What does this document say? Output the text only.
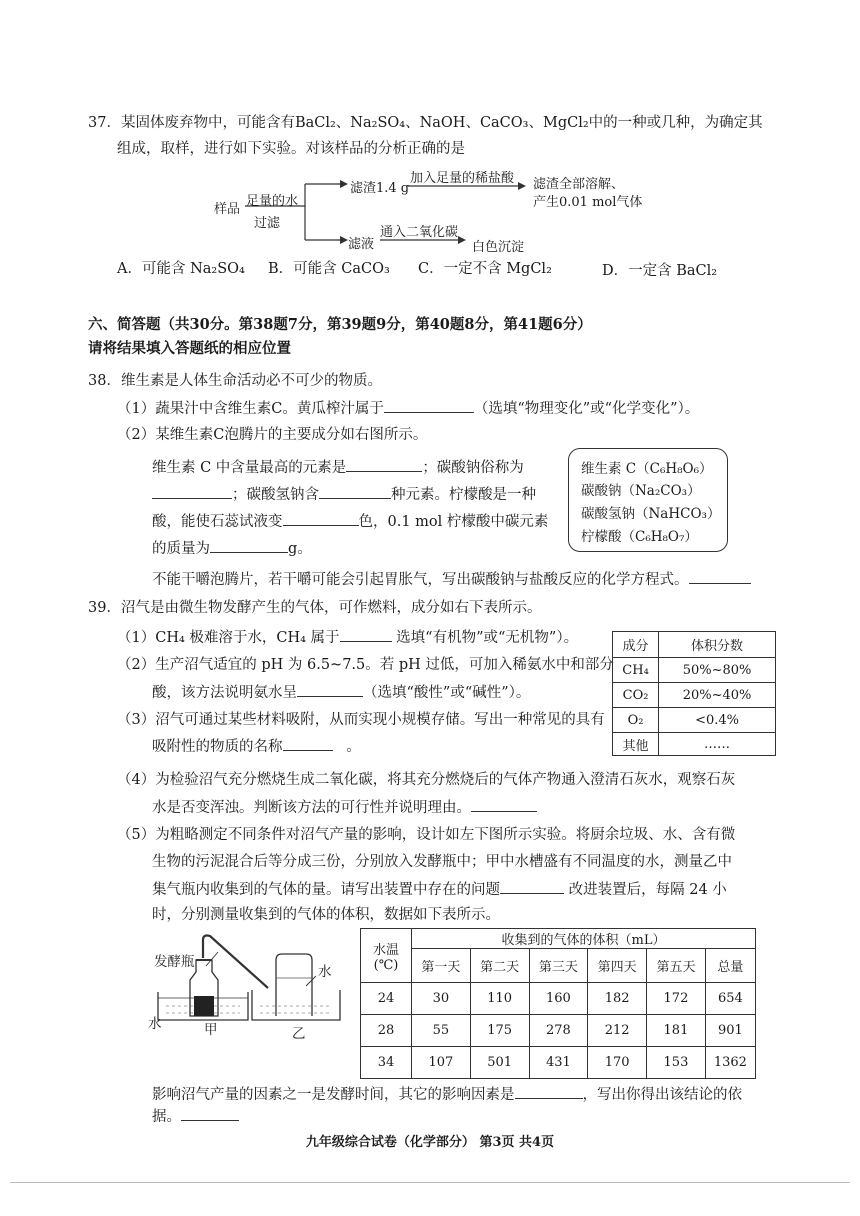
37．某固体废弃物中，可能含有BaCl₂、Na₂SO₄、NaOH、CaCO₃、MgCl₂中的一种或几种，为确定其
组成，取样，进行如下实验。对该样品的分析正确的是
样品
足量的水
过滤
滤渣1.4 g
加入足量的稀盐酸 滤渣全部溶解、
产生0.01 mol气体
滤液
通入二氧化碳
白色沉淀
A．可能含 Na₂SO₄ B．可能含 CaCO₃ C．一定不含 MgCl₂	D．一定含 BaCl₂
六、简答题（共30分。第38题7分，第39题9分，第40题8分，第41题6分）
请将结果填入答题纸的相应位置
38．维生素是人体生命活动必不可少的物质。
（1）蔬果汁中含维生素C。黄瓜榨汁属于	（选填“物理变化”或“化学变化”）。
（2）某维生素C泡腾片的主要成分如右图所示。
维生素 C 中含量最高的元素是	；碳酸钠俗称为
；碳酸氢钠含	种元素。柠檬酸是一种
酸，能使石蕊试液变	色，0.1 mol 柠檬酸中碳元素
的质量为	g。
维生素 C（C₆H₈O₆）
碳酸钠（Na₂CO₃）
碳酸氢钠（NaHCO₃）
柠檬酸（C₆H₈O₇）
不能干嚼泡腾片，若干嚼可能会引起胃胀气，写出碳酸钠与盐酸反应的化学方程式。
39．沼气是由微生物发酵产生的气体，可作燃料，成分如右下表所示。
（1）CH₄ 极难溶于水，CH₄ 属于	选填“有机物”或“无机物”）。
（2）生产沼气适宜的 pH 为 6.5~7.5。若 pH 过低，可加入稀氨水中和部分
酸，该方法说明氨水呈	（选填“酸性”或“碱性”）。
（3）沼气可通过某些材料吸附，从而实现小规模存储。写出一种常见的具有
吸附性的物质的名称	。
成分	体积分数
CH₄	50%~80%
CO₂	20%~40%
O₂	<0.4%
其他	……
（4）为检验沼气充分燃烧生成二氧化碳，将其充分燃烧后的气体产物通入澄清石灰水，观察石灰
水是否变浑浊。判断该方法的可行性并说明理由。
（5）为粗略测定不同条件对沼气产量的影响，设计如左下图所示实验。将厨余垃圾、水、含有微
生物的污泥混合后等分成三份，分别放入发酵瓶中；甲中水槽盛有不同温度的水，测量乙中
集气瓶内收集到的气体的量。请写出装置中存在的问题	改进装置后，每隔 24 小
时，分别测量收集到的气体的体积，数据如下表所示。
发酵瓶
水
水	甲	乙
水温
(℃)	收集到的气体的体积（mL）					
	第一天	第二天	第三天	第四天	第五天	总量
24	30	110	160	182	172	654
28	55	175	278	212	181	901
34	107	501	431	170	153	1362
影响沼气产量的因素之一是发酵时间，其它的影响因素是	，写出你得出该结论的依
据。
九年级综合试卷（化学部分） 第3页 共4页
